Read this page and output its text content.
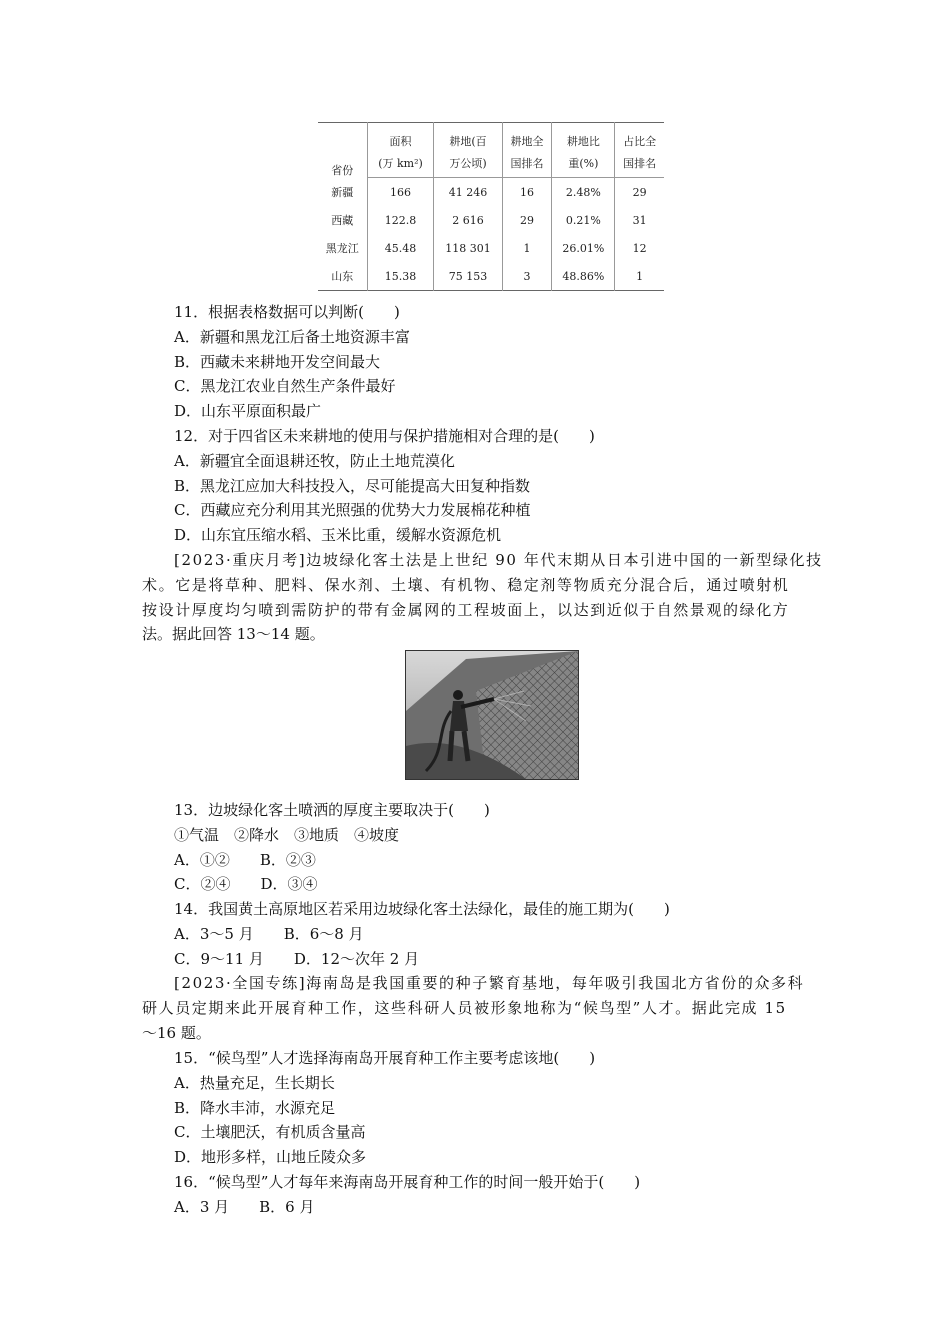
省份	面积	耕地(百	耕地全	耕地比	占比全
	(万 km²)	万公顷)	国排名	重(%)	国排名
新疆	166	41 246	16	2.48%	29
西藏	122.8	2 616	29	0.21%	31
黑龙江	45.48	118 301	1	26.01%	12
山东	15.38	75 153	3	48.86%	1
11．根据表格数据可以判断(　　)
A．新疆和黑龙江后备土地资源丰富
B．西藏未来耕地开发空间最大
C．黑龙江农业自然生产条件最好
D．山东平原面积最广
12．对于四省区未来耕地的使用与保护措施相对合理的是(　　)
A．新疆宜全面退耕还牧，防止土地荒漠化
B．黑龙江应加大科技投入，尽可能提高大田复种指数
C．西藏应充分利用其光照强的优势大力发展棉花种植
D．山东宜压缩水稻、玉米比重，缓解水资源危机
[2023·重庆月考]边坡绿化客土法是上世纪 90 年代末期从日本引进中国的一新型绿化技
术。它是将草种、肥料、保水剂、土壤、有机物、稳定剂等物质充分混合后，通过喷射机
按设计厚度均匀喷到需防护的带有金属网的工程坡面上，以达到近似于自然景观的绿化方
法。据此回答 13～14 题。
13．边坡绿化客土喷洒的厚度主要取决于(　　)
①气温　②降水　③地质　④坡度
A．①②　　B．②③
C．②④　　D．③④
14．我国黄土高原地区若采用边坡绿化客土法绿化，最佳的施工期为(　　)
A．3～5 月　　B．6～8 月
C．9～11 月　　D．12～次年 2 月
[2023·全国专练]海南岛是我国重要的种子繁育基地，每年吸引我国北方省份的众多科
研人员定期来此开展育种工作，这些科研人员被形象地称为“候鸟型”人才。据此完成 15
～16 题。
15．“候鸟型”人才选择海南岛开展育种工作主要考虑该地(　　)
A．热量充足，生长期长
B．降水丰沛，水源充足
C．土壤肥沃，有机质含量高
D．地形多样，山地丘陵众多
16．“候鸟型”人才每年来海南岛开展育种工作的时间一般开始于(　　)
A．3 月　　B．6 月
